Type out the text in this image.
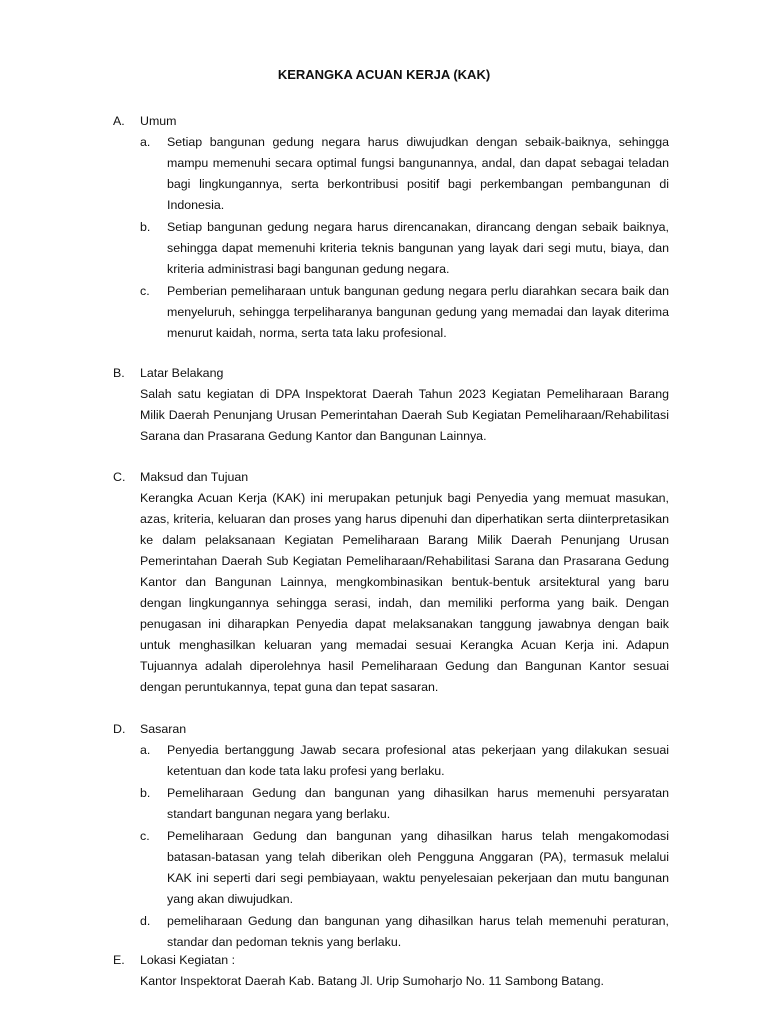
KERANGKA ACUAN KERJA (KAK)
A. Umum
a. Setiap bangunan gedung negara harus diwujudkan dengan sebaik-baiknya, sehingga mampu memenuhi secara optimal fungsi bangunannya, andal, dan dapat sebagai teladan bagi lingkungannya, serta berkontribusi positif bagi perkembangan pembangunan di Indonesia.
b. Setiap bangunan gedung negara harus direncanakan, dirancang dengan sebaik baiknya, sehingga dapat memenuhi kriteria teknis bangunan yang layak dari segi mutu, biaya, dan kriteria administrasi bagi bangunan gedung negara.
c. Pemberian pemeliharaan untuk bangunan gedung negara perlu diarahkan secara baik dan menyeluruh, sehingga terpeliharanya bangunan gedung yang memadai dan layak diterima menurut kaidah, norma, serta tata laku profesional.
B. Latar Belakang
Salah satu kegiatan di DPA Inspektorat Daerah Tahun 2023 Kegiatan Pemeliharaan Barang Milik Daerah Penunjang Urusan Pemerintahan Daerah Sub Kegiatan Pemeliharaan/Rehabilitasi Sarana dan Prasarana Gedung Kantor dan Bangunan Lainnya.
C. Maksud dan Tujuan
Kerangka Acuan Kerja (KAK) ini merupakan petunjuk bagi Penyedia yang memuat masukan, azas, kriteria, keluaran dan proses yang harus dipenuhi dan diperhatikan serta diinterpretasikan ke dalam pelaksanaan Kegiatan Pemeliharaan Barang Milik Daerah Penunjang Urusan Pemerintahan Daerah Sub Kegiatan Pemeliharaan/Rehabilitasi Sarana dan Prasarana Gedung Kantor dan Bangunan Lainnya, mengkombinasikan bentuk-bentuk arsitektural yang baru dengan lingkungannya sehingga serasi, indah, dan memiliki performa yang baik. Dengan penugasan ini diharapkan Penyedia dapat melaksanakan tanggung jawabnya dengan baik untuk menghasilkan keluaran yang memadai sesuai Kerangka Acuan Kerja ini. Adapun Tujuannya adalah diperolehnya hasil Pemeliharaan Gedung dan Bangunan Kantor sesuai dengan peruntukannya, tepat guna dan tepat sasaran.
D. Sasaran
a. Penyedia bertanggung Jawab secara profesional atas pekerjaan yang dilakukan sesuai ketentuan dan kode tata laku profesi yang berlaku.
b. Pemeliharaan Gedung dan bangunan yang dihasilkan harus memenuhi persyaratan standart bangunan negara yang berlaku.
c. Pemeliharaan Gedung dan bangunan yang dihasilkan harus telah mengakomodasi batasan-batasan yang telah diberikan oleh Pengguna Anggaran (PA), termasuk melalui KAK ini seperti dari segi pembiayaan, waktu penyelesaian pekerjaan dan mutu bangunan yang akan diwujudkan.
d. pemeliharaan Gedung dan bangunan yang dihasilkan harus telah memenuhi peraturan, standar dan pedoman teknis yang berlaku.
E. Lokasi Kegiatan :
Kantor Inspektorat Daerah Kab. Batang Jl. Urip Sumoharjo No. 11 Sambong Batang.
